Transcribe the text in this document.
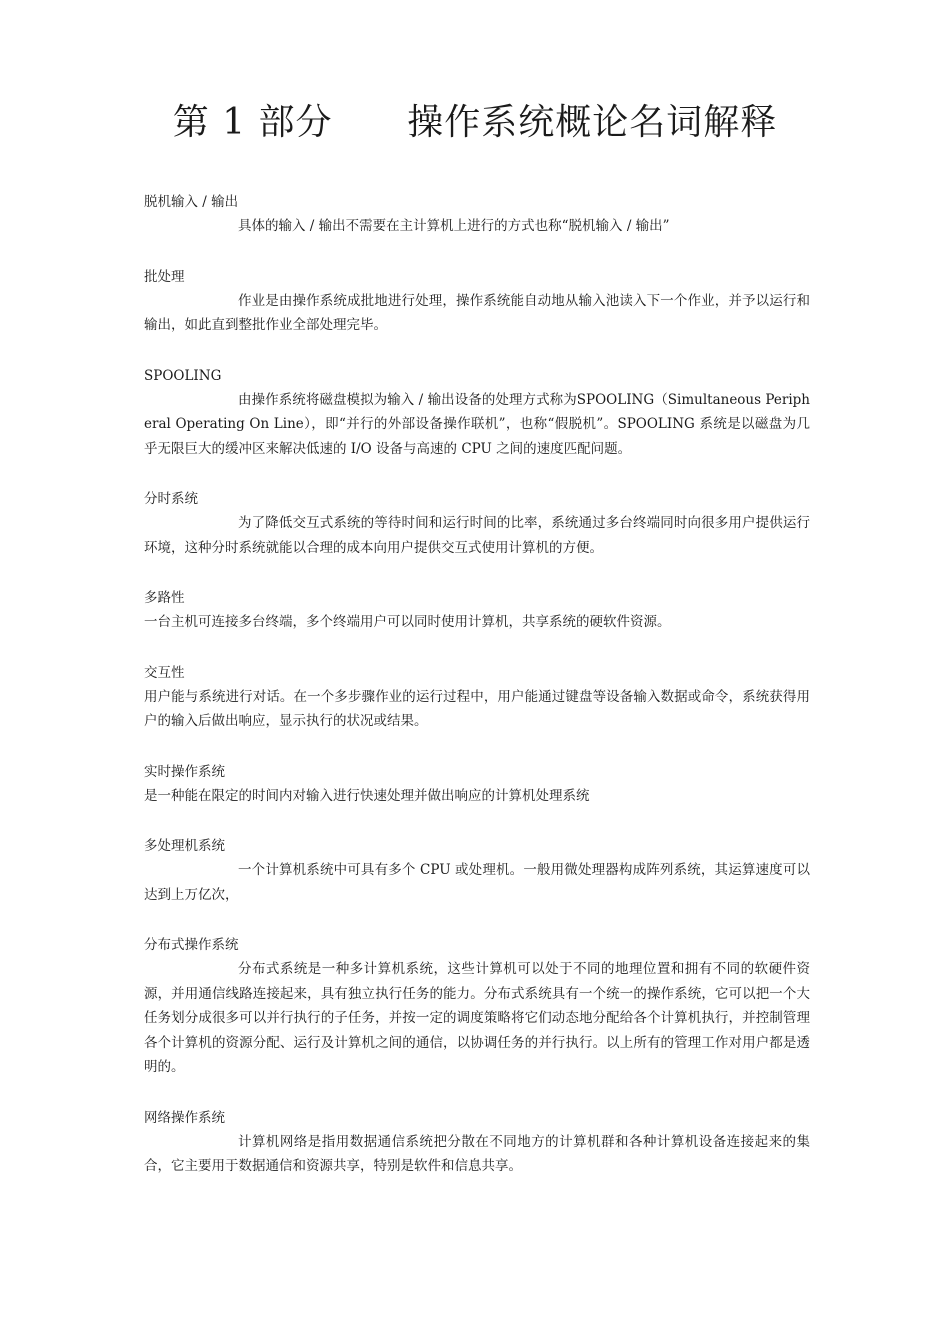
第 1 部分      操作系统概论名词解释

脱机输入 / 输出

具体的输入 / 输出不需要在主计算机上进行的方式也称“脱机输入 / 输出”

批处理

作业是由操作系统成批地进行处理，操作系统能自动地从输入池读入下一个作业，并予以运行和输出，如此直到整批作业全部处理完毕。

SPOOLING

由操作系统将磁盘模拟为输入 / 输出设备的处理方式称为SPOOLING（Simultaneous Peripheral Operating On Line），即“并行的外部设备操作联机”，也称“假脱机”。SPOOLING 系统是以磁盘为几乎无限巨大的缓冲区来解决低速的 I/O 设备与高速的 CPU 之间的速度匹配问题。

分时系统

为了降低交互式系统的等待时间和运行时间的比率，系统通过多台终端同时向很多用户提供运行环境，这种分时系统就能以合理的成本向用户提供交互式使用计算机的方便。

多路性

一台主机可连接多台终端，多个终端用户可以同时使用计算机，共享系统的硬软件资源。

交互性

用户能与系统进行对话。在一个多步骤作业的运行过程中，用户能通过键盘等设备输入数据或命令，系统获得用户的输入后做出响应，显示执行的状况或结果。

实时操作系统

是一种能在限定的时间内对输入进行快速处理并做出响应的计算机处理系统

多处理机系统

一个计算机系统中可具有多个 CPU 或处理机。一般用微处理器构成阵列系统，其运算速度可以达到上万亿次，

分布式操作系统

分布式系统是一种多计算机系统，这些计算机可以处于不同的地理位置和拥有不同的软硬件资源，并用通信线路连接起来，具有独立执行任务的能力。分布式系统具有一个统一的操作系统，它可以把一个大任务划分成很多可以并行执行的子任务，并按一定的调度策略将它们动态地分配给各个计算机执行，并控制管理各个计算机的资源分配、运行及计算机之间的通信，以协调任务的并行执行。以上所有的管理工作对用户都是透明的。

网络操作系统

计算机网络是指用数据通信系统把分散在不同地方的计算机群和各种计算机设备连接起来的集合，它主要用于数据通信和资源共享，特别是软件和信息共享。
